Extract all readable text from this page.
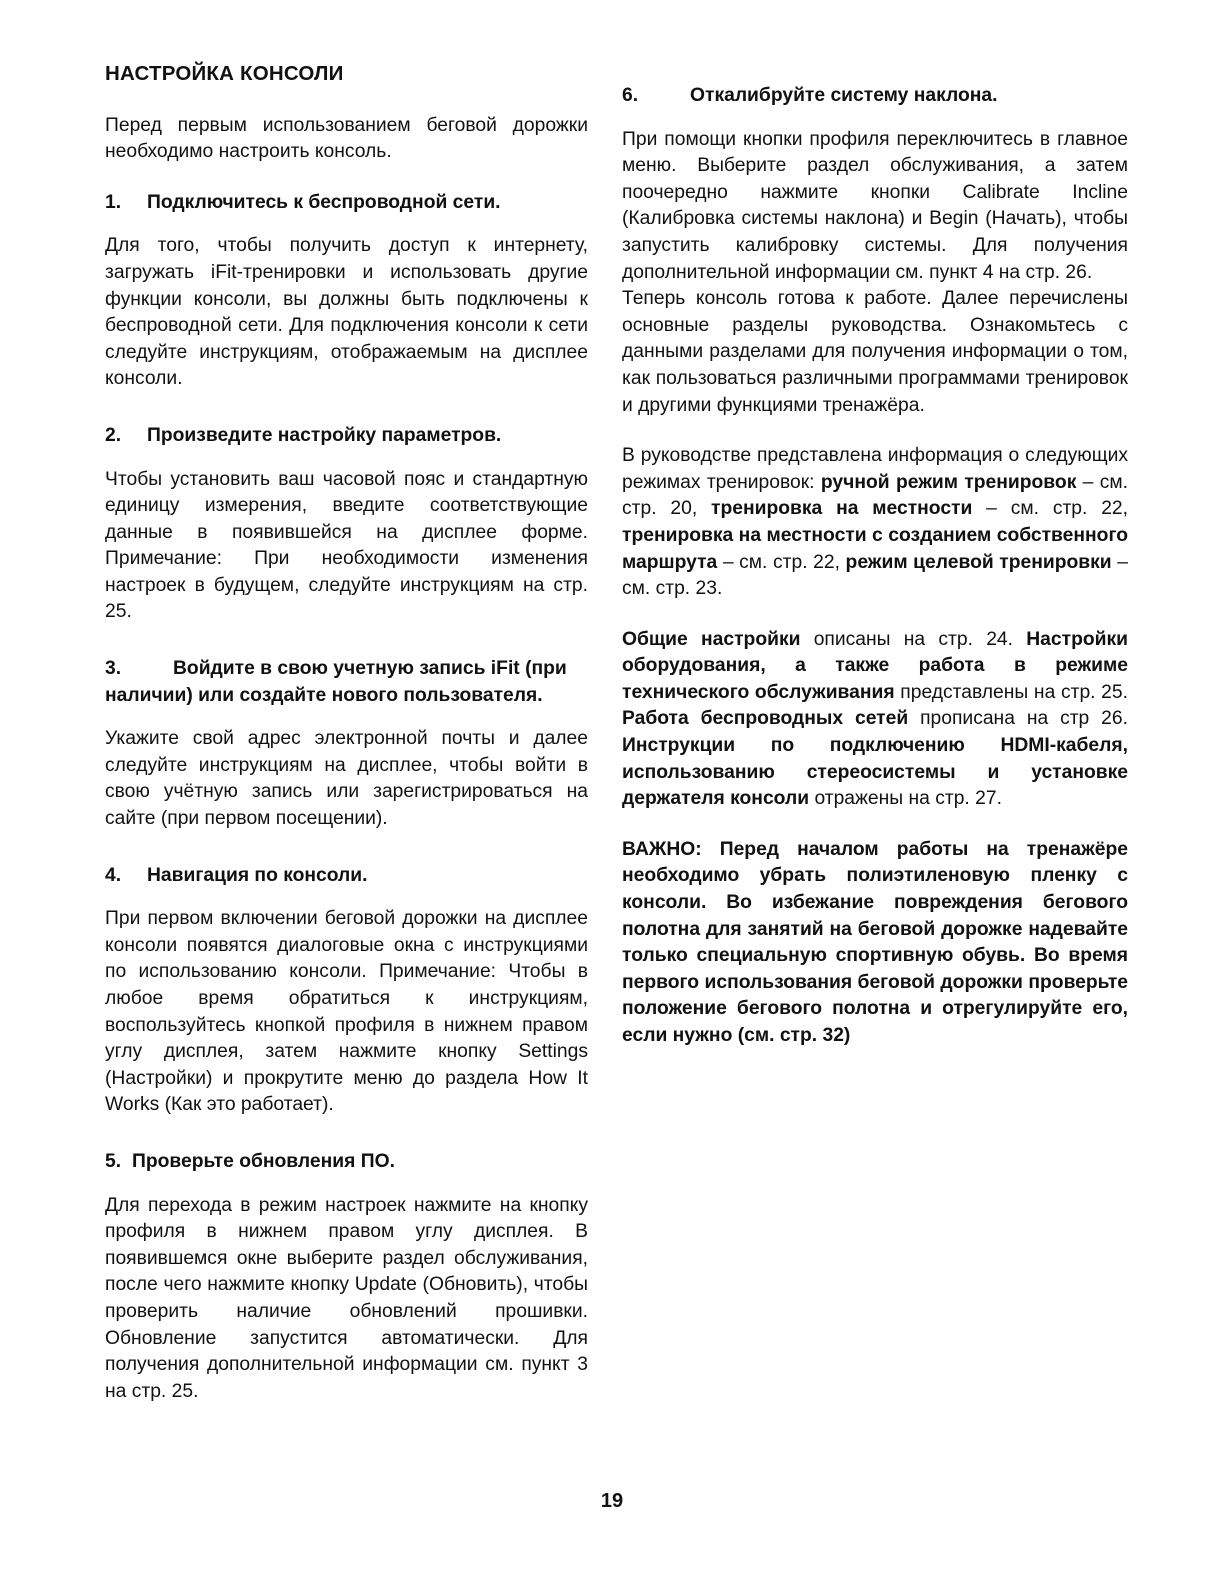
НАСТРОЙКА КОНСОЛИ

Перед первым использованием беговой дорожки необходимо настроить консоль.

1. Подключитесь к беспроводной сети.

Для того, чтобы получить доступ к интернету, загружать iFit-тренировки и использовать другие функции консоли, вы должны быть подключены к беспроводной сети. Для подключения консоли к сети следуйте инструкциям, отображаемым на дисплее консоли.

2. Произведите настройку параметров.

Чтобы установить ваш часовой пояс и стандартную единицу измерения, введите соответствующие данные в появившейся на дисплее форме. Примечание: При необходимости изменения настроек в будущем, следуйте инструкциям на стр. 25.

3.	Войдите в свою учетную запись iFit (при наличии) или создайте нового пользователя.

Укажите свой адрес электронной почты и далее следуйте инструкциям на дисплее, чтобы войти в свою учётную запись или зарегистрироваться на сайте (при первом посещении).

4. Навигация по консоли.

При первом включении беговой дорожки на дисплее консоли появятся диалоговые окна с инструкциями по использованию консоли. Примечание: Чтобы в любое время обратиться к инструкциям, воспользуйтесь кнопкой профиля в нижнем правом углу дисплея, затем нажмите кнопку Settings (Настройки) и прокрутите меню до раздела How It Works (Как это работает).

5. Проверьте обновления ПО.

Для перехода в режим настроек нажмите на кнопку профиля в нижнем правом углу дисплея. В появившемся окне выберите раздел обслуживания, после чего нажмите кнопку Update (Обновить), чтобы проверить наличие обновлений прошивки. Обновление запустится автоматически. Для получения дополнительной информации см. пункт 3 на стр. 25.

6.	Откалибруйте систему наклона.

При помощи кнопки профиля переключитесь в главное меню. Выберите раздел обслуживания, а затем поочередно нажмите кнопки Calibrate Incline (Калибровка системы наклона) и Begin (Начать), чтобы запустить калибровку системы. Для получения дополнительной информации см. пункт 4 на стр. 26.

Теперь консоль готова к работе. Далее перечислены основные разделы руководства. Ознакомьтесь с данными разделами для получения информации о том, как пользоваться различными программами тренировок и другими функциями тренажёра.

В руководстве представлена информация о следующих режимах тренировок: ручной режим тренировок – см. стр. 20, тренировка на местности – см. стр. 22, тренировка на местности с созданием собственного маршрута – см. стр. 22, режим целевой тренировки – см. стр. 23.

Общие настройки описаны на стр. 24. Настройки оборудования, а также работа в режиме технического обслуживания представлены на стр. 25. Работа беспроводных сетей прописана на стр 26. Инструкции по подключению HDMI-кабеля, использованию стереосистемы и установке держателя консоли отражены на стр. 27.

ВАЖНО: Перед началом работы на тренажёре необходимо убрать полиэтиленовую пленку с консоли. Во избежание повреждения бегового полотна для занятий на беговой дорожке надевайте только специальную спортивную обувь. Во время первого использования беговой дорожки проверьте положение бегового полотна и отрегулируйте его, если нужно (см. стр. 32)

19
